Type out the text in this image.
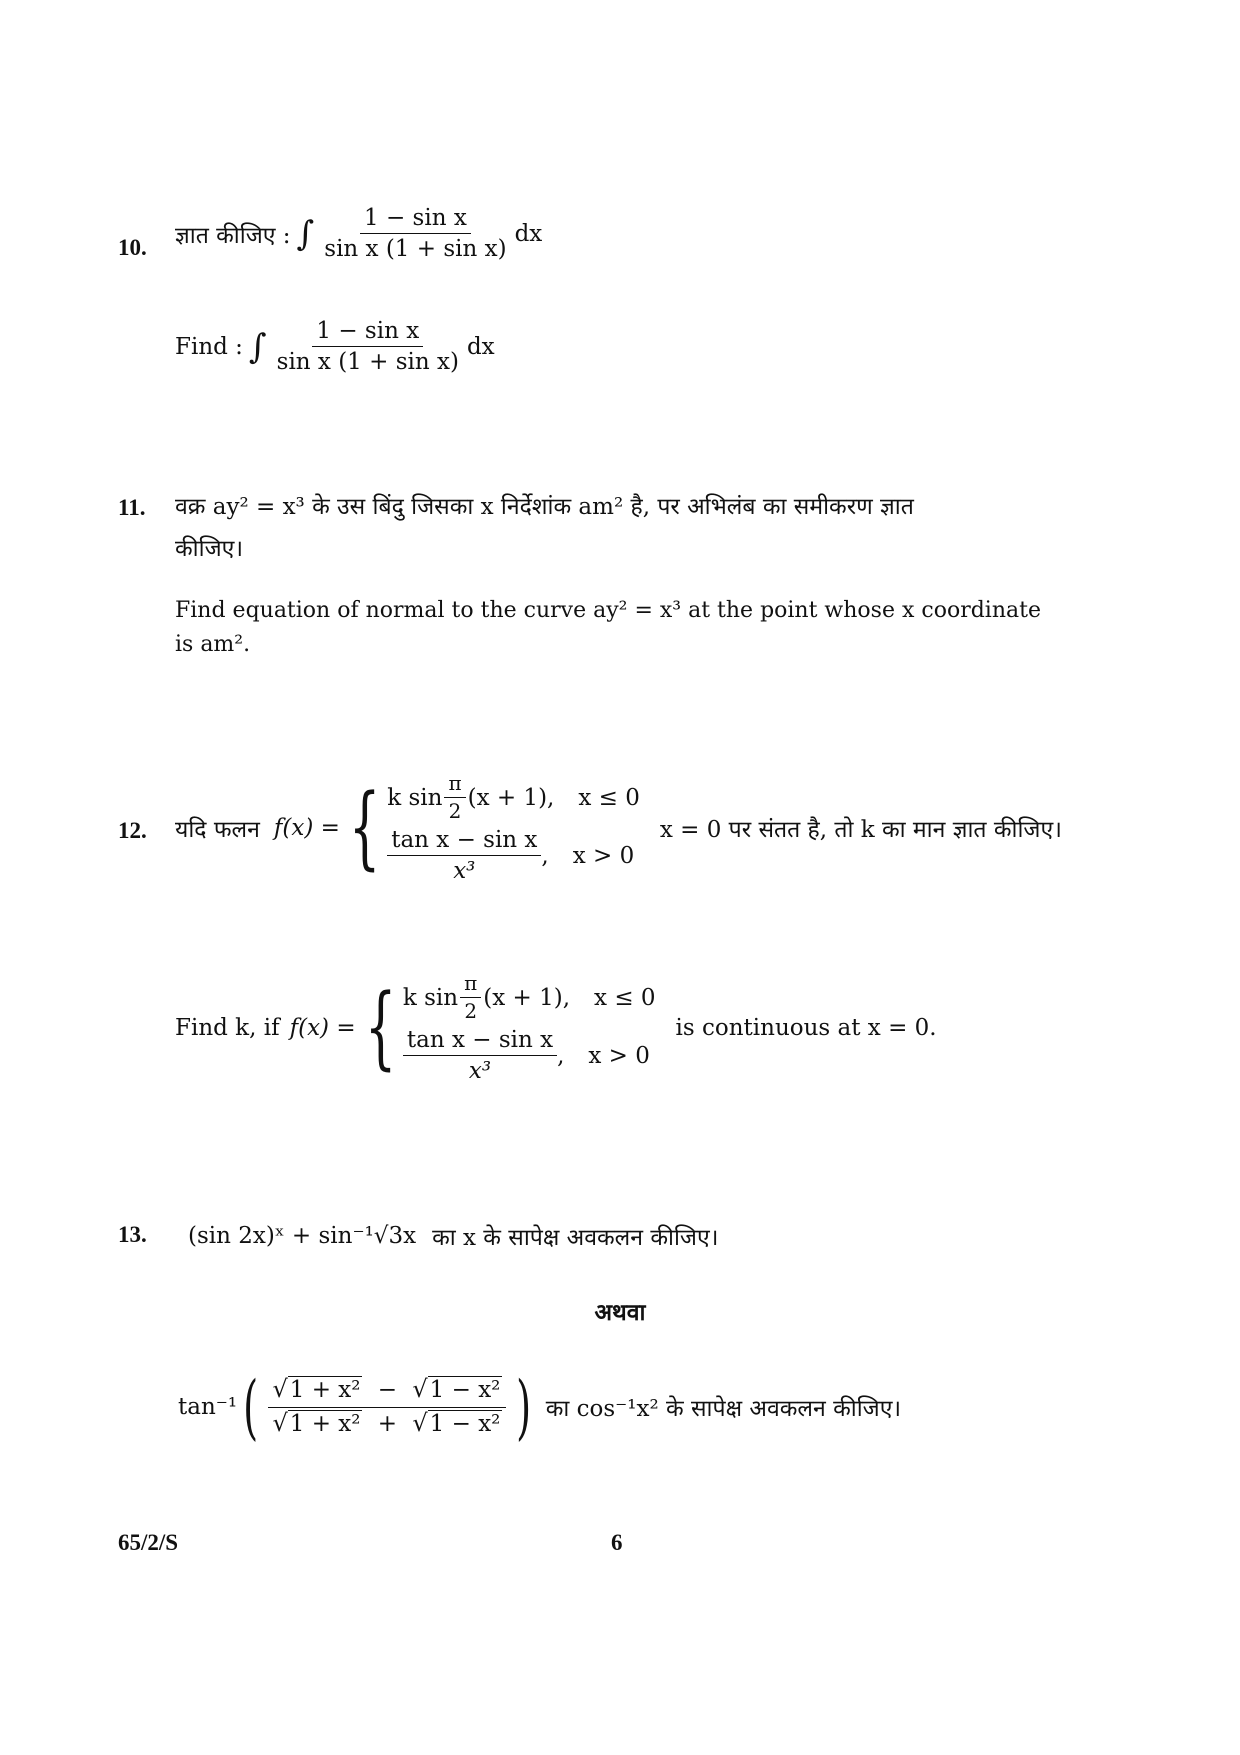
10. ज्ञात कीजिए : ∫ $\frac{\text{1 − sin x}}{\text{sin x (1 + sin x)}}$ dx
Find : ∫ $\frac{\text{1 − sin x}}{\text{sin x (1 + sin x)}}$ dx
11. वक्र ay² = x³ के उस बिंदु जिसका x निर्देशांक am² है, पर अभिलंब का समीकरण ज्ञात
कीजिए।
Find equation of normal to the curve ay² = x³ at the point whose x coordinate
is am².
12. यदि फलन f(x) = { k $\sin \frac{\pi}{2} (x + 1)$, x ≤ 0
$\frac{\text{tan x − sin x}}{\text{x³}}$ , x > 0
x = 0 पर संतत है, तो k का मान ज्ञात कीजिए।
Find k, if f(x) = { k $\sin \frac{\pi}{2} (x + 1)$, x ≤ 0
$\frac{\text{tan x − sin x}}{\text{x³}}$ , x > 0
is continuous at x = 0.
13. (sin 2x)ˣ + sin⁻¹√3x का x के सापेक्ष अवकलन कीजिए।
अथवा
tan⁻¹ ( $\frac{\text{√ 1 + x² − √ 1 − x²}}{\text{√ 1 + x² + √ 1 − x²}}$ ) का cos⁻¹x² के सापेक्ष अवकलन कीजिए।
65/2/S	6
